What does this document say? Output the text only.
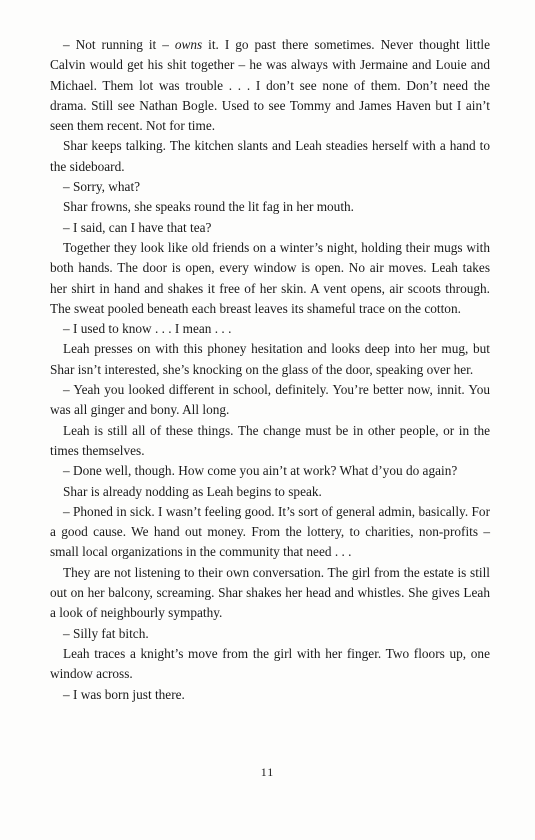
– Not running it – owns it. I go past there sometimes. Never thought little Calvin would get his shit together – he was always with Jermaine and Louie and Michael. Them lot was trouble . . . I don’t see none of them. Don’t need the drama. Still see Nathan Bogle. Used to see Tommy and James Haven but I ain’t seen them recent. Not for time.

Shar keeps talking. The kitchen slants and Leah steadies herself with a hand to the sideboard.

– Sorry, what?

Shar frowns, she speaks round the lit fag in her mouth.

– I said, can I have that tea?

Together they look like old friends on a winter’s night, holding their mugs with both hands. The door is open, every window is open. No air moves. Leah takes her shirt in hand and shakes it free of her skin. A vent opens, air scoots through. The sweat pooled beneath each breast leaves its shameful trace on the cotton.

– I used to know . . . I mean . . .

Leah presses on with this phoney hesitation and looks deep into her mug, but Shar isn’t interested, she’s knocking on the glass of the door, speaking over her.

– Yeah you looked different in school, definitely. You’re better now, innit. You was all ginger and bony. All long.

Leah is still all of these things. The change must be in other people, or in the times themselves.

– Done well, though. How come you ain’t at work? What d’you do again?

Shar is already nodding as Leah begins to speak.

– Phoned in sick. I wasn’t feeling good. It’s sort of general admin, basically. For a good cause. We hand out money. From the lottery, to charities, non-profits – small local organizations in the community that need . . .

They are not listening to their own conversation. The girl from the estate is still out on her balcony, screaming. Shar shakes her head and whistles. She gives Leah a look of neighbourly sympathy.

– Silly fat bitch.

Leah traces a knight’s move from the girl with her finger. Two floors up, one window across.

– I was born just there.

11
